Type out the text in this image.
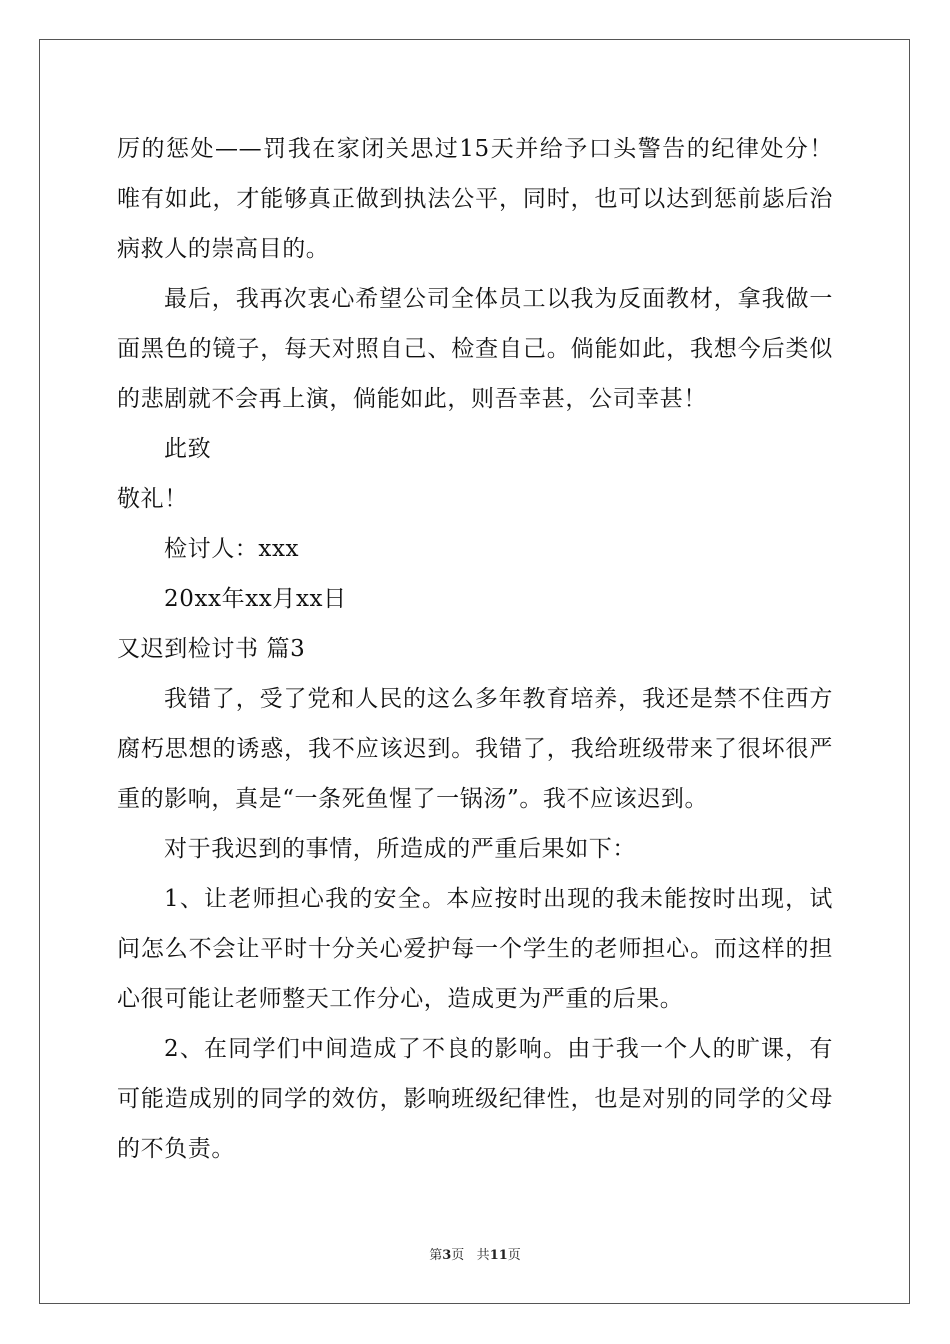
厉的惩处——罚我在家闭关思过15天并给予口头警告的纪律处分！
唯有如此，才能够真正做到执法公平，同时，也可以达到惩前毖后治
病救人的崇高目的。
最后，我再次衷心希望公司全体员工以我为反面教材，拿我做一
面黑色的镜子，每天对照自己、检查自己。倘能如此，我想今后类似
的悲剧就不会再上演，倘能如此，则吾幸甚，公司幸甚！
此致
敬礼！
检讨人：xxx
20xx年xx月xx日
又迟到检讨书 篇3
我错了，受了党和人民的这么多年教育培养，我还是禁不住西方
腐朽思想的诱惑，我不应该迟到。我错了，我给班级带来了很坏很严
重的影响，真是“一条死鱼惺了一锅汤”。我不应该迟到。
对于我迟到的事情，所造成的严重后果如下：
1、让老师担心我的安全。本应按时出现的我未能按时出现，试
问怎么不会让平时十分关心爱护每一个学生的老师担心。而这样的担
心很可能让老师整天工作分心，造成更为严重的后果。
2、在同学们中间造成了不良的影响。由于我一个人的旷课，有
可能造成别的同学的效仿，影响班级纪律性，也是对别的同学的父母
的不负责。
第3页 共11页
